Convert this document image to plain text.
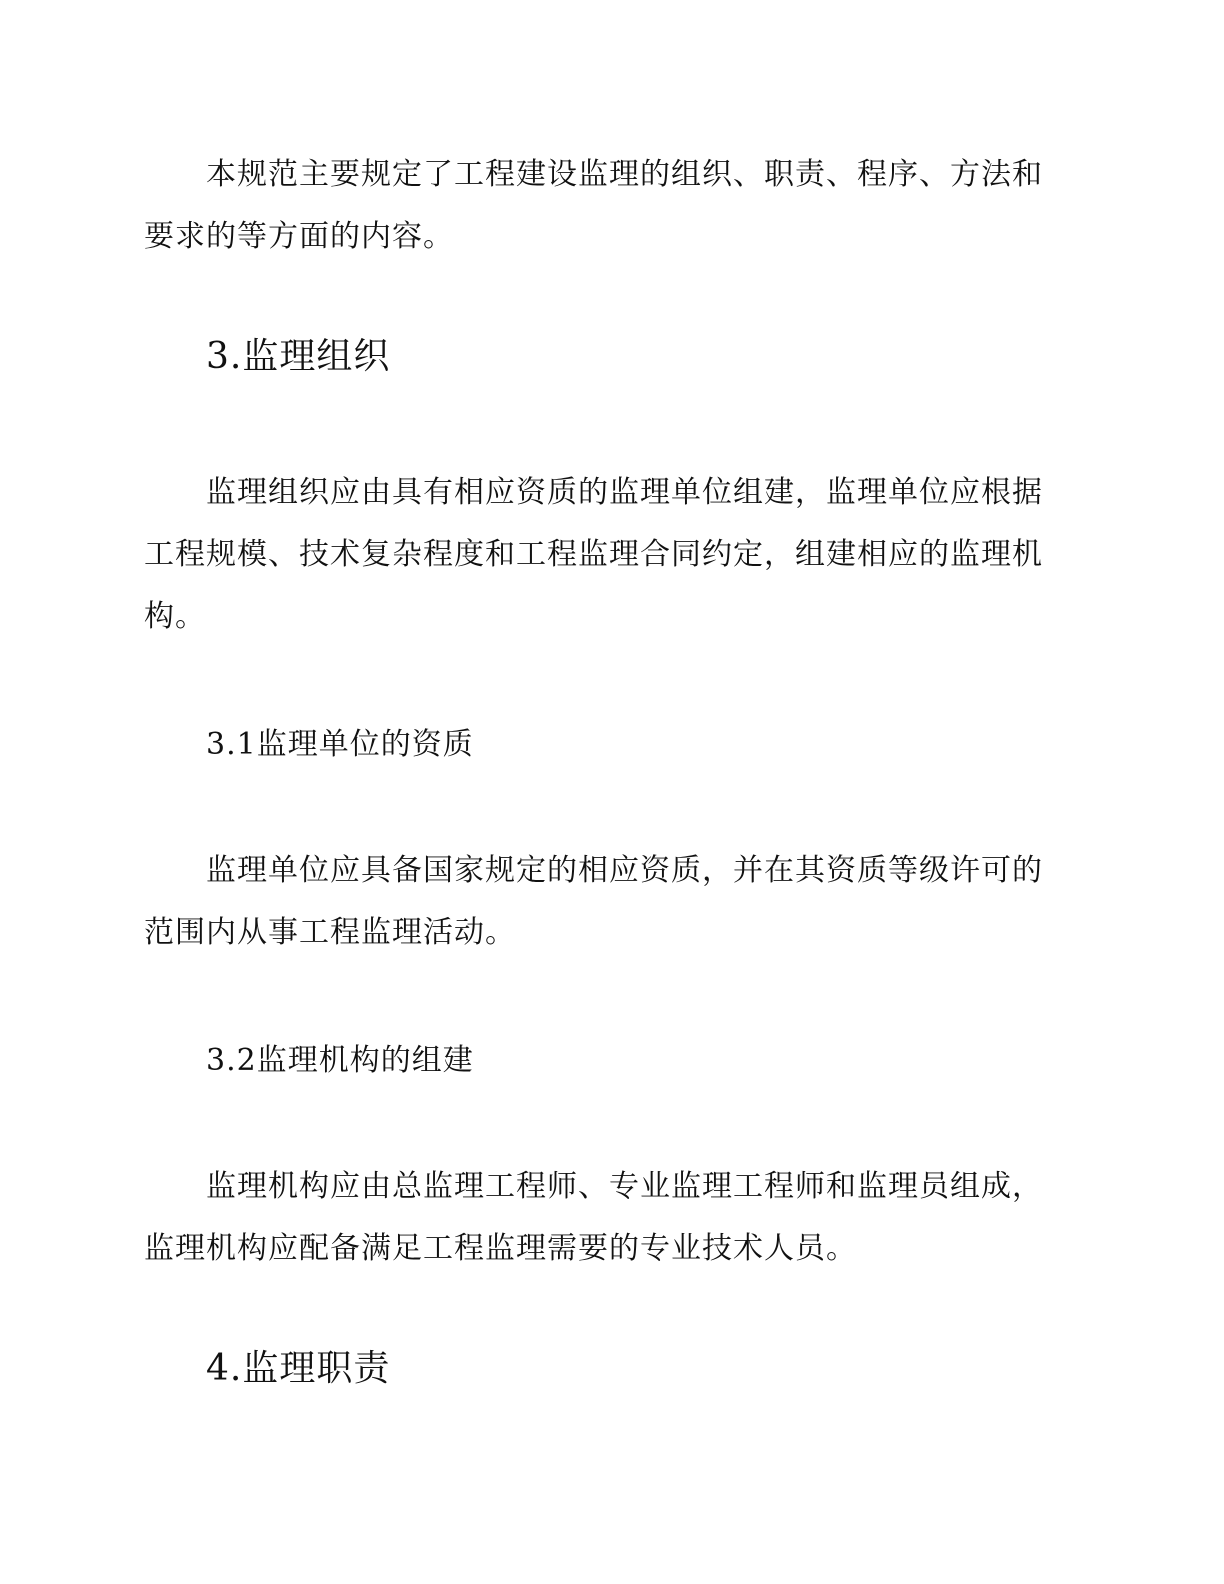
本规范主要规定了工程建设监理的组织、职责、程序、方法和要求的等方面的内容。

3.监理组织

监理组织应由具有相应资质的监理单位组建，监理单位应根据工程规模、技术复杂程度和工程监理合同约定，组建相应的监理机构。

3.1监理单位的资质

监理单位应具备国家规定的相应资质，并在其资质等级许可的范围内从事工程监理活动。

3.2监理机构的组建

监理机构应由总监理工程师、专业监理工程师和监理员组成，监理机构应配备满足工程监理需要的专业技术人员。

4.监理职责
